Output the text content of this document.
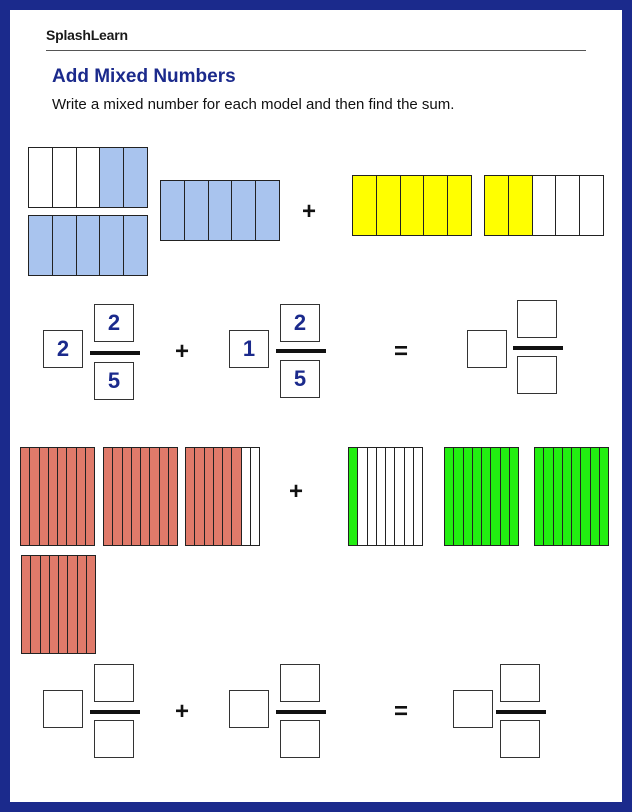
SplashLearn
Add Mixed Numbers
Write a mixed number for each model and then find the sum.
+
2
2
5
+	1
2
5
=
+
+	=
